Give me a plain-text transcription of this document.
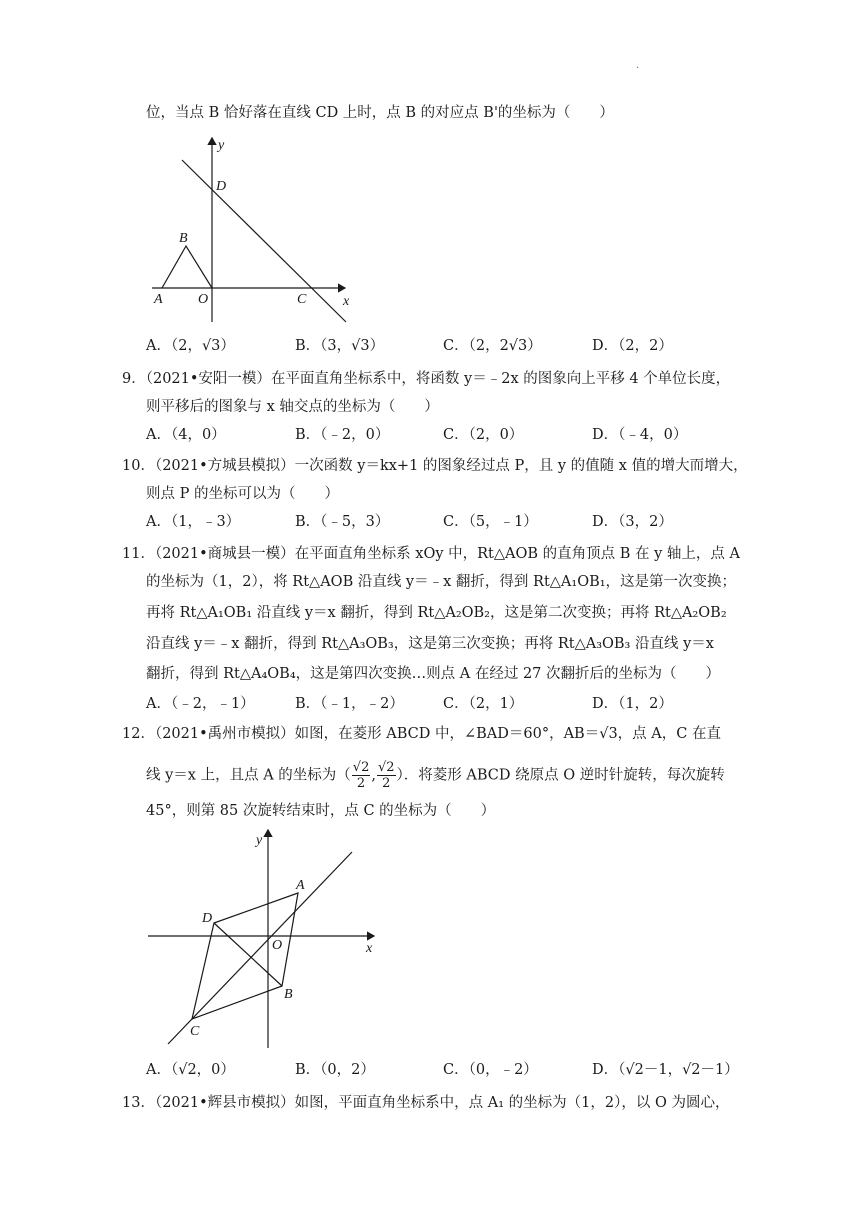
.
位，当点 B 恰好落在直线 CD 上时，点 B 的对应点 B'的坐标为（　　）
y
D
B
A	O	C	x
A．（2，√3）	B．（3，√3）	C．（2，2√3）	D．（2，2）
9．（2021•安阳一模）在平面直角坐标系中，将函数 y＝﹣2x 的图象向上平移 4 个单位长度，
则平移后的图象与 x 轴交点的坐标为（　　）
A．（4，0）	B．（﹣2，0）	C．（2，0）	D．（﹣4，0）
10．（2021•方城县模拟）一次函数 y＝kx+1 的图象经过点 P，且 y 的值随 x 值的增大而增大，
则点 P 的坐标可以为（　　）
A．（1，﹣3）	B．（﹣5，3）	C．（5，﹣1）	D．（3，2）
11．（2021•商城县一模）在平面直角坐标系 xOy 中，Rt△AOB 的直角顶点 B 在 y 轴上，点 A
的坐标为（1，2），将 Rt△AOB 沿直线 y＝﹣x 翻折，得到 Rt△A₁OB₁，这是第一次变换；
再将 Rt△A₁OB₁ 沿直线 y＝x 翻折，得到 Rt△A₂OB₂，这是第二次变换；再将 Rt△A₂OB₂
沿直线 y＝﹣x 翻折，得到 Rt△A₃OB₃，这是第三次变换；再将 Rt△A₃OB₃ 沿直线 y＝x
翻折，得到 Rt△A₄OB₄，这是第四次变换…则点 A 在经过 27 次翻折后的坐标为（　　）
A．（﹣2，﹣1）	B．（﹣1，﹣2）	C．（2，1）	D．（1，2）
12．（2021•禹州市模拟）如图，在菱形 ABCD 中，∠BAD＝60°，AB＝√3，点 A，C 在直
线 y＝x 上，且点 A 的坐标为（ $\frac{√2}{2}$ , $\frac{√2}{2}$ ）．将菱形 ABCD 绕原点 O 逆时针旋转，每次旋转
45°，则第 85 次旋转结束时，点 C 的坐标为（　　）
y
A
D
O	x
B
C
A．（√2，0）	B．（0，2）	C．（0，﹣2）	D．（√2－1，√2－1）
13．（2021•辉县市模拟）如图，平面直角坐标系中，点 A₁ 的坐标为（1，2），以 O 为圆心，
